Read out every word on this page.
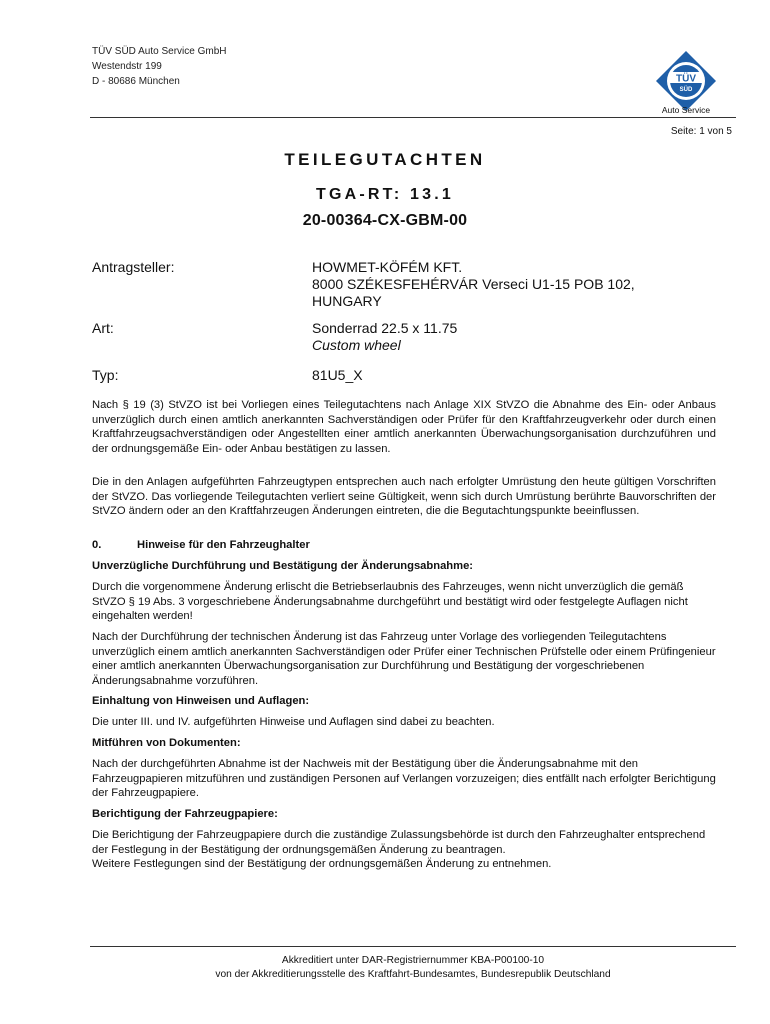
TÜV SÜD Auto Service GmbH
Westendstr 199
D - 80686 München	TÜV
SÜD
Auto Service
Seite: 1 von 5
TEILEGUTACHTEN
TGA-RT: 13.1
20-00364-CX-GBM-00
Antragsteller:	HOWMET-KÖFÉM KFT.
8000 SZÉKESFEHÉRVÁR Verseci U1-15 POB 102,
HUNGARY
Art:	Sonderrad 22.5 x 11.75
Custom wheel
Typ:	81U5_X

Nach § 19 (3) StVZO ist bei Vorliegen eines Teilegutachtens nach Anlage XIX StVZO die Abnahme des Ein- oder Anbaus unverzüglich durch einen amtlich anerkannten Sachverständigen oder Prüfer für den Kraftfahrzeugverkehr oder durch einen Kraftfahrzeugsachverständigen oder Angestellten einer amtlich anerkannten Überwachungsorganisation durchzuführen und der ordnungsgemäße Ein- oder Anbau bestätigen zu lassen.

Die in den Anlagen aufgeführten Fahrzeugtypen entsprechen auch nach erfolgter Umrüstung den heute gültigen Vorschriften der StVZO. Das vorliegende Teilegutachten verliert seine Gültigkeit, wenn sich durch Umrüstung berührte Bauvorschriften der StVZO ändern oder an den Kraftfahrzeugen Änderungen eintreten, die die Begutachtungspunkte beeinflussen.

0.	Hinweise für den Fahrzeughalter
Unverzügliche Durchführung und Bestätigung der Änderungsabnahme:

Durch die vorgenommene Änderung erlischt die Betriebserlaubnis des Fahrzeuges, wenn nicht unverzüglich die gemäß StVZO § 19 Abs. 3 vorgeschriebene Änderungsabnahme durchgeführt und bestätigt wird oder festgelegte Auflagen nicht eingehalten werden!

Nach der Durchführung der technischen Änderung ist das Fahrzeug unter Vorlage des vorliegenden Teilegutachtens unverzüglich einem amtlich anerkannten Sachverständigen oder Prüfer einer Technischen Prüfstelle oder einem Prüfingenieur einer amtlich anerkannten Überwachungsorganisation zur Durchführung und Bestätigung der vorgeschriebenen Änderungsabnahme vorzuführen.

Einhaltung von Hinweisen und Auflagen:

Die unter III. und IV. aufgeführten Hinweise und Auflagen sind dabei zu beachten.

Mitführen von Dokumenten:

Nach der durchgeführten Abnahme ist der Nachweis mit der Bestätigung über die Änderungsabnahme mit den Fahrzeugpapieren mitzuführen und zuständigen Personen auf Verlangen vorzuzeigen; dies entfällt nach erfolgter Berichtigung der Fahrzeugpapiere.

Berichtigung der Fahrzeugpapiere:

Die Berichtigung der Fahrzeugpapiere durch die zuständige Zulassungsbehörde ist durch den Fahrzeughalter entsprechend der Festlegung in der Bestätigung der ordnungsgemäßen Änderung zu beantragen.

Weitere Festlegungen sind der Bestätigung der ordnungsgemäßen Änderung zu entnehmen.

Akkreditiert unter DAR-Registriernummer KBA-P00100-10
von der Akkreditierungsstelle des Kraftfahrt-Bundesamtes, Bundesrepublik Deutschland
